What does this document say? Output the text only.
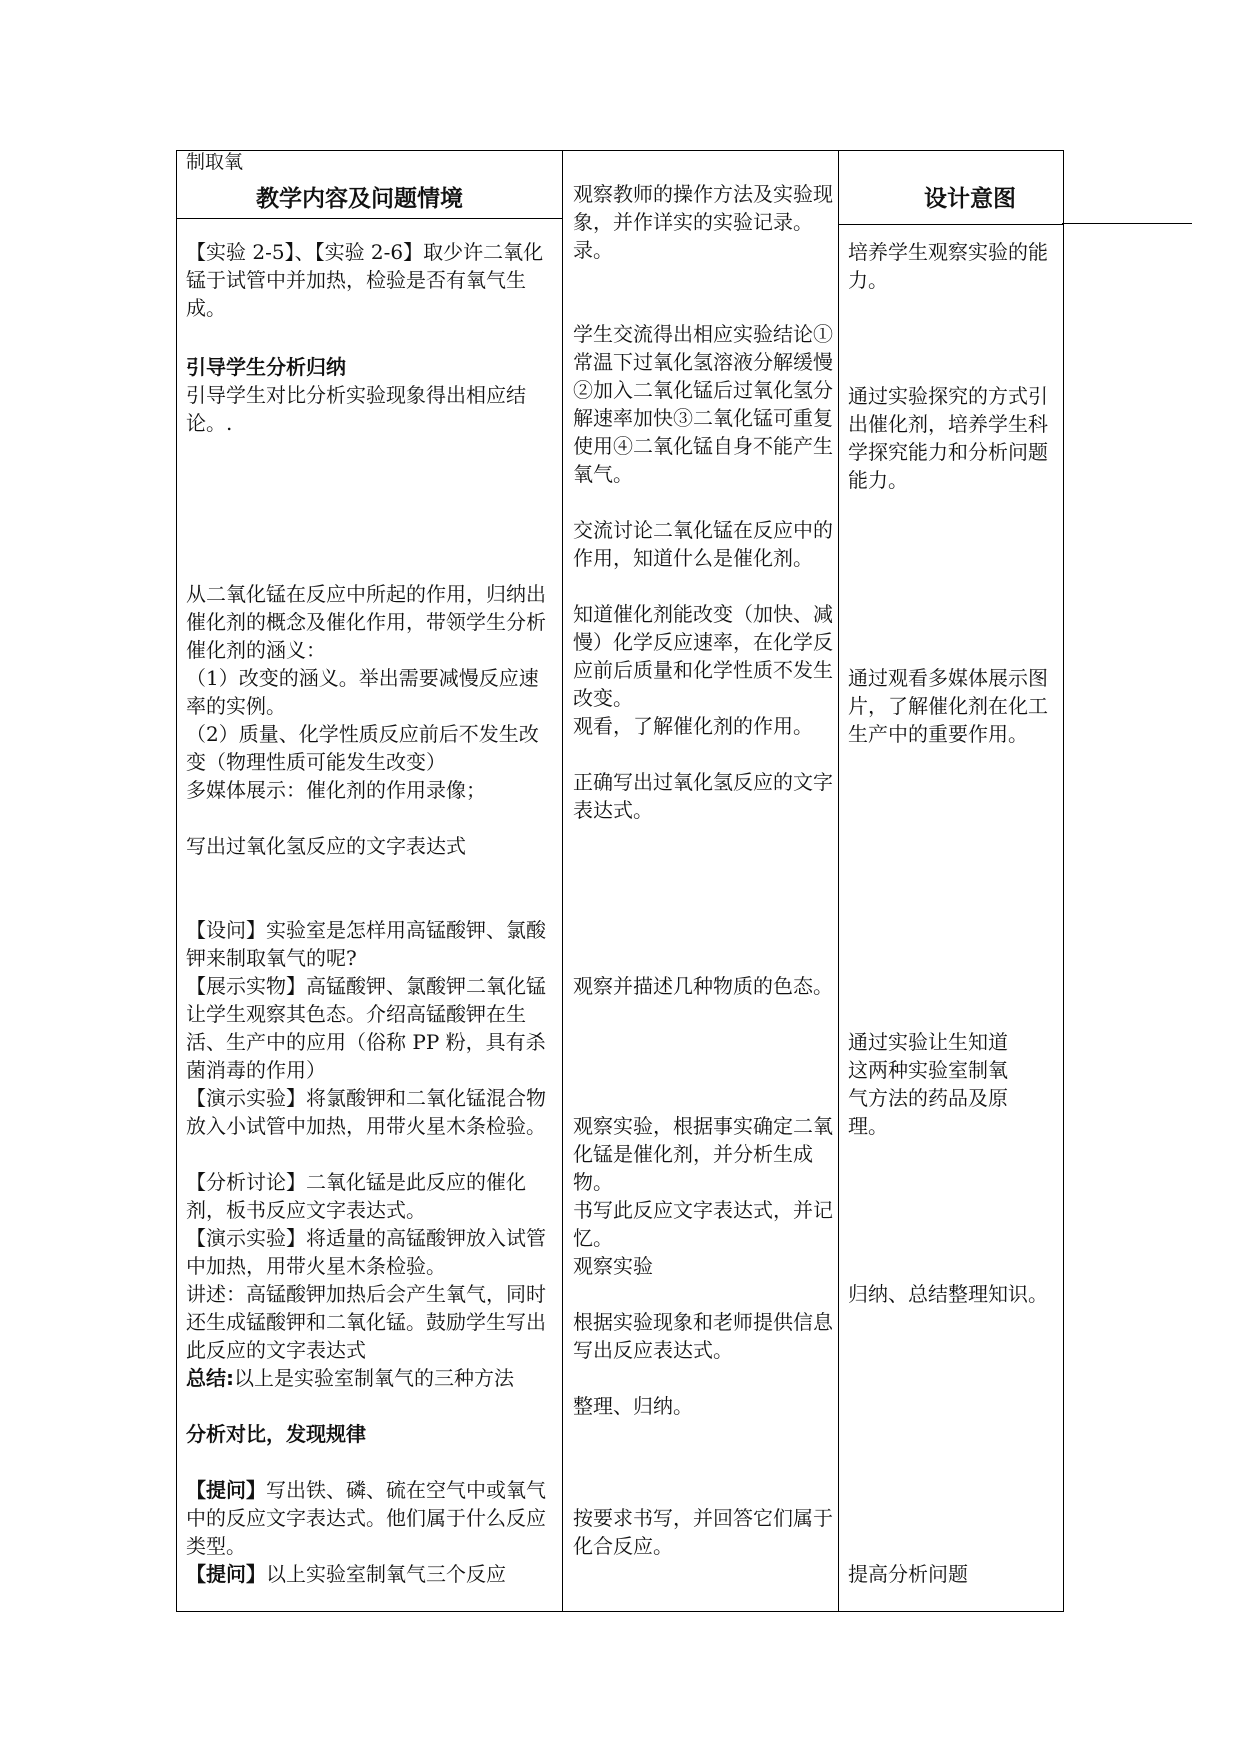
制取氧
教学内容及问题情境
【实验 2-5】、【实验 2-6】取少许二氧化锰于试管中并加热，检验是否有氧气生成。
引导学生分析归纳
引导学生对比分析实验现象得出相应结论。.
从二氧化锰在反应中所起的作用，归纳出催化剂的概念及催化作用，带领学生分析催化剂的涵义：
（1）改变的涵义。举出需要减慢反应速率的实例。
（2）质量、化学性质反应前后不发生改变（物理性质可能发生改变）
多媒体展示：催化剂的作用录像；
写出过氧化氢反应的文字表达式
【设问】实验室是怎样用高锰酸钾、氯酸钾来制取氧气的呢?
【展示实物】高锰酸钾、氯酸钾二氧化锰让学生观察其色态。介绍高锰酸钾在生活、生产中的应用（俗称 PP 粉，具有杀菌消毒的作用）
【演示实验】将氯酸钾和二氧化锰混合物放入小试管中加热，用带火星木条检验。
【分析讨论】二氧化锰是此反应的催化剂，板书反应文字表达式。
【演示实验】将适量的高锰酸钾放入试管中加热，用带火星木条检验。
讲述：高锰酸钾加热后会产生氧气，同时还生成锰酸钾和二氧化锰。鼓励学生写出此反应的文字表达式
总结:以上是实验室制氧气的三种方法
分析对比，发现规律
【提问】写出铁、磷、硫在空气中或氧气中的反应文字表达式。他们属于什么反应类型。
【提问】以上实验室制氧气三个反应
观察教师的操作方法及实验现象，并作详实的实验记录。
录。
学生交流得出相应实验结论①常温下过氧化氢溶液分解缓慢②加入二氧化锰后过氧化氢分解速率加快③二氧化锰可重复使用④二氧化锰自身不能产生氧气。
交流讨论二氧化锰在反应中的作用，知道什么是催化剂。
知道催化剂能改变（加快、减慢）化学反应速率，在化学反应前后质量和化学性质不发生改变。
观看，了解催化剂的作用。
正确写出过氧化氢反应的文字表达式。
观察并描述几种物质的色态。
观察实验，根据事实确定二氧化锰是催化剂，并分析生成物。
书写此反应文字表达式，并记忆。
观察实验
根据实验现象和老师提供信息写出反应表达式。
整理、归纳。
按要求书写，并回答它们属于化合反应。
设计意图
培养学生观察实验的能力。
通过实验探究的方式引出催化剂，培养学生科学探究能力和分析问题能力。
通过观看多媒体展示图片，了解催化剂在化工生产中的重要作用。
通过实验让生知道这两种实验室制氧气方法的药品及原理。
归纳、总结整理知识。
提高分析问题
